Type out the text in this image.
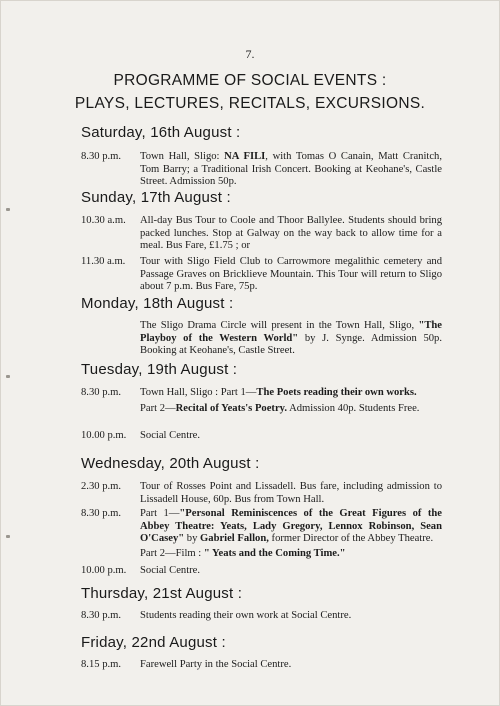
7.
PROGRAMME OF SOCIAL EVENTS :
PLAYS, LECTURES, RECITALS, EXCURSIONS.
Saturday, 16th August :
8.30 p.m.	Town Hall, Sligo: NA FILI, with Tomas O Canain, Matt Cranitch, Tom Barry; a Traditional Irish Concert. Booking at Keohane's, Castle Street. Admission 50p.
Sunday, 17th August :
10.30 a.m.	All-day Bus Tour to Coole and Thoor Ballylee. Students should bring packed lunches. Stop at Galway on the way back to allow time for a meal. Bus Fare, £1.75 ; or
11.30 a.m.	Tour with Sligo Field Club to Carrowmore megalithic cemetery and Passage Graves on Bricklieve Mountain. This Tour will return to Sligo about 7 p.m. Bus Fare, 75p.
Monday, 18th August :
The Sligo Drama Circle will present in the Town Hall, Sligo, "The Playboy of the Western World" by J. Synge. Admission 50p. Booking at Keohane's, Castle Street.
Tuesday, 19th August :
8.30 p.m.	Town Hall, Sligo : Part 1—The Poets reading their own works.
Part 2—Recital of Yeats's Poetry. Admission 40p. Students Free.
10.00 p.m.	Social Centre.
Wednesday, 20th August :
2.30 p.m.	Tour of Rosses Point and Lissadell. Bus fare, including admission to Lissadell House, 60p. Bus from Town Hall.
8.30 p.m.	Part 1—"Personal Reminiscences of the Great Figures of the Abbey Theatre: Yeats, Lady Gregory, Lennox Robinson, Sean O'Casey" by Gabriel Fallon, former Director of the Abbey Theatre.
Part 2—Film : " Yeats and the Coming Time."
10.00 p.m.	Social Centre.
Thursday, 21st August :
8.30 p.m.	Students reading their own work at Social Centre.
Friday, 22nd August :
8.15 p.m.	Farewell Party in the Social Centre.
